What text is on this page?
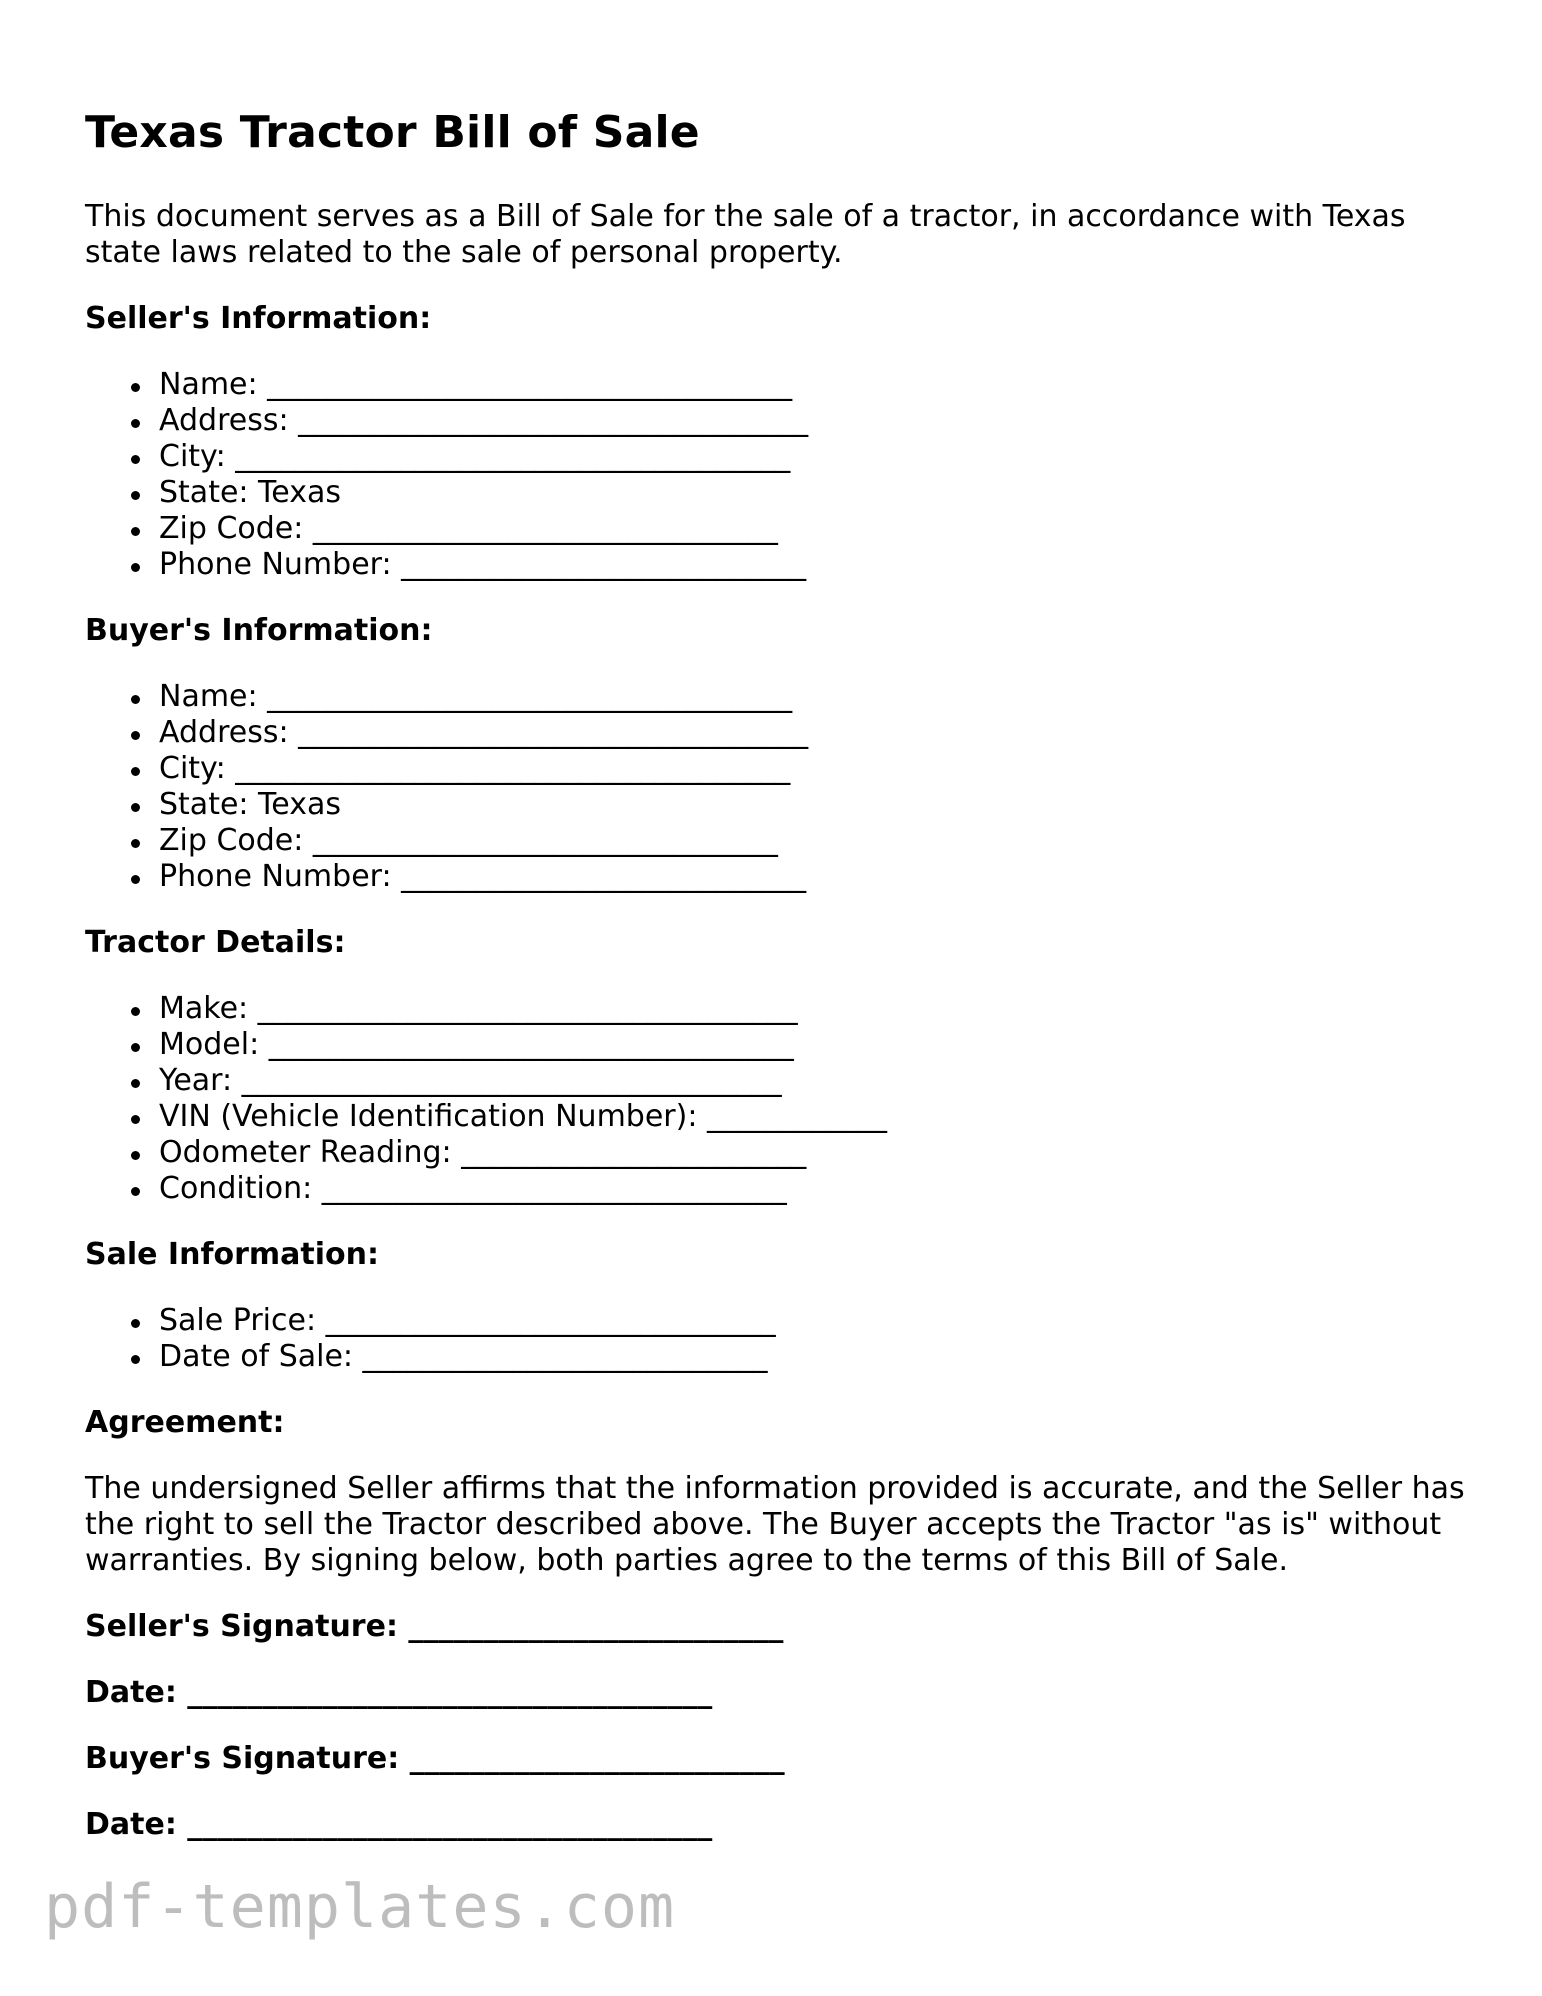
Texas Tractor Bill of Sale

This document serves as a Bill of Sale for the sale of a tractor, in accordance with Texas state laws related to the sale of personal property.

Seller's Information:
Name: ___________________________________
Address: __________________________________
City: _____________________________________
State: Texas
Zip Code: _______________________________
Phone Number: ___________________________
Buyer's Information:
Name: ___________________________________
Address: __________________________________
City: _____________________________________
State: Texas
Zip Code: _______________________________
Phone Number: ___________________________
Tractor Details:
Make: ____________________________________
Model: ___________________________________
Year: ____________________________________
VIN (Vehicle Identification Number): ____________
Odometer Reading: _______________________
Condition: _______________________________
Sale Information:
Sale Price: ______________________________
Date of Sale: ___________________________
Agreement:

The undersigned Seller affirms that the information provided is accurate, and the Seller has the right to sell the Tractor described above. The Buyer accepts the Tractor "as is" without warranties. By signing below, both parties agree to the terms of this Bill of Sale.

Seller's Signature: _________________________
Date: ___________________________________
Buyer's Signature: _________________________
Date: ___________________________________
pdf-templates.com
